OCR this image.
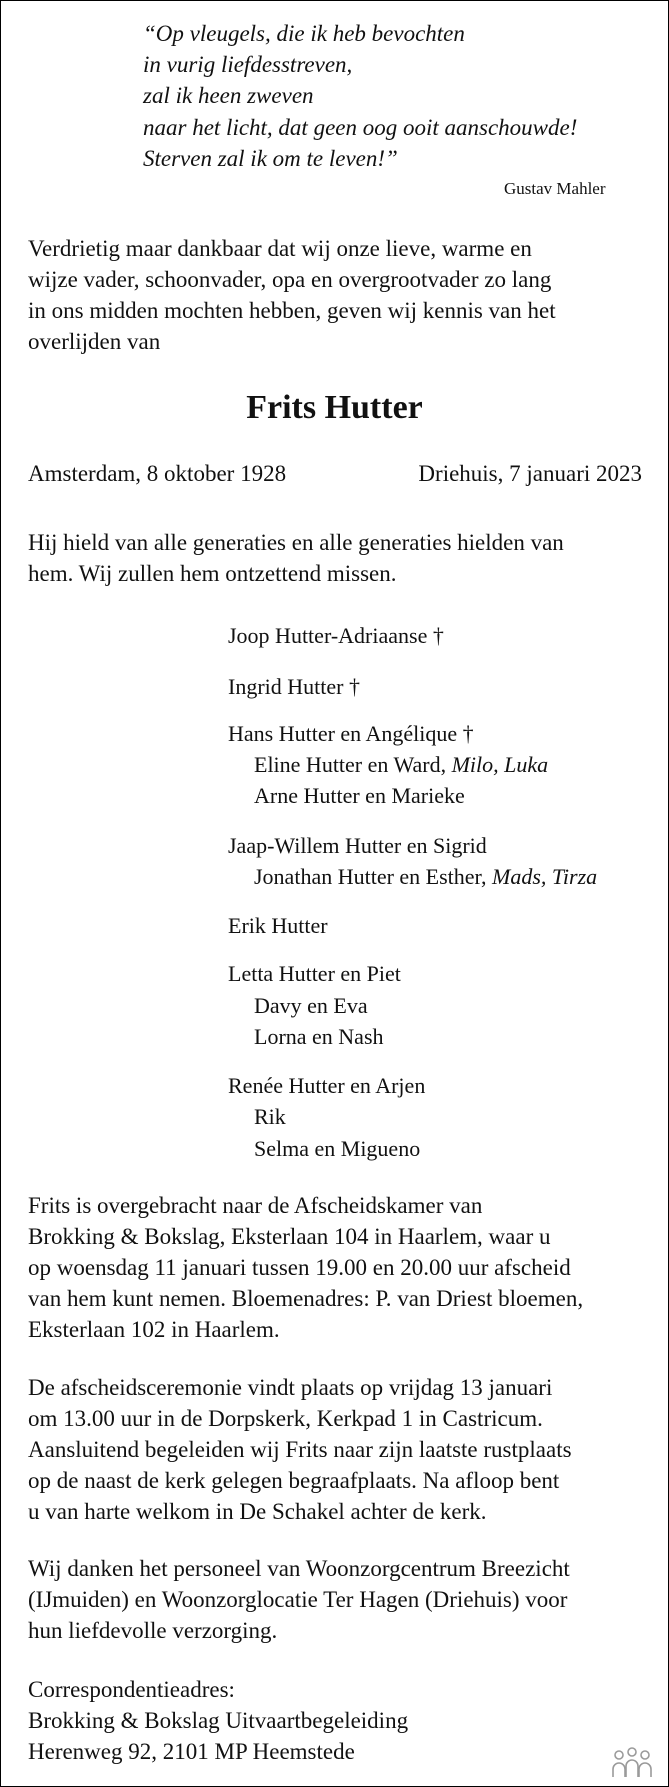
“Op vleugels, die ik heb bevochten
in vurig liefdesstreven,
zal ik heen zweven
naar het licht, dat geen oog ooit aanschouwde!
Sterven zal ik om te leven!”
Gustav Mahler
Verdrietig maar dankbaar dat wij onze lieve, warme en
wijze vader, schoonvader, opa en overgrootvader zo lang
in ons midden mochten hebben, geven wij kennis van het
overlijden van
Frits Hutter
Amsterdam, 8 oktober 1928	Driehuis, 7 januari 2023
Hij hield van alle generaties en alle generaties hielden van
hem. Wij zullen hem ontzettend missen.
Joop Hutter-Adriaanse †
Ingrid Hutter †
Hans Hutter en Angélique †
Eline Hutter en Ward, Milo, Luka
Arne Hutter en Marieke
Jaap-Willem Hutter en Sigrid
Jonathan Hutter en Esther, Mads, Tirza
Erik Hutter
Letta Hutter en Piet
Davy en Eva
Lorna en Nash
Renée Hutter en Arjen
Rik
Selma en Migueno
Frits is overgebracht naar de Afscheidskamer van
Brokking & Bokslag, Eksterlaan 104 in Haarlem, waar u
op woensdag 11 januari tussen 19.00 en 20.00 uur afscheid
van hem kunt nemen. Bloemenadres: P. van Driest bloemen,
Eksterlaan 102 in Haarlem.
De afscheidsceremonie vindt plaats op vrijdag 13 januari
om 13.00 uur in de Dorpskerk, Kerkpad 1 in Castricum.
Aansluitend begeleiden wij Frits naar zijn laatste rustplaats
op de naast de kerk gelegen begraafplaats. Na afloop bent
u van harte welkom in De Schakel achter de kerk.
Wij danken het personeel van Woonzorgcentrum Breezicht
(IJmuiden) en Woonzorglocatie Ter Hagen (Driehuis) voor
hun liefdevolle verzorging.
Correspondentieadres:
Brokking & Bokslag Uitvaartbegeleiding
Herenweg 92, 2101 MP Heemstede
